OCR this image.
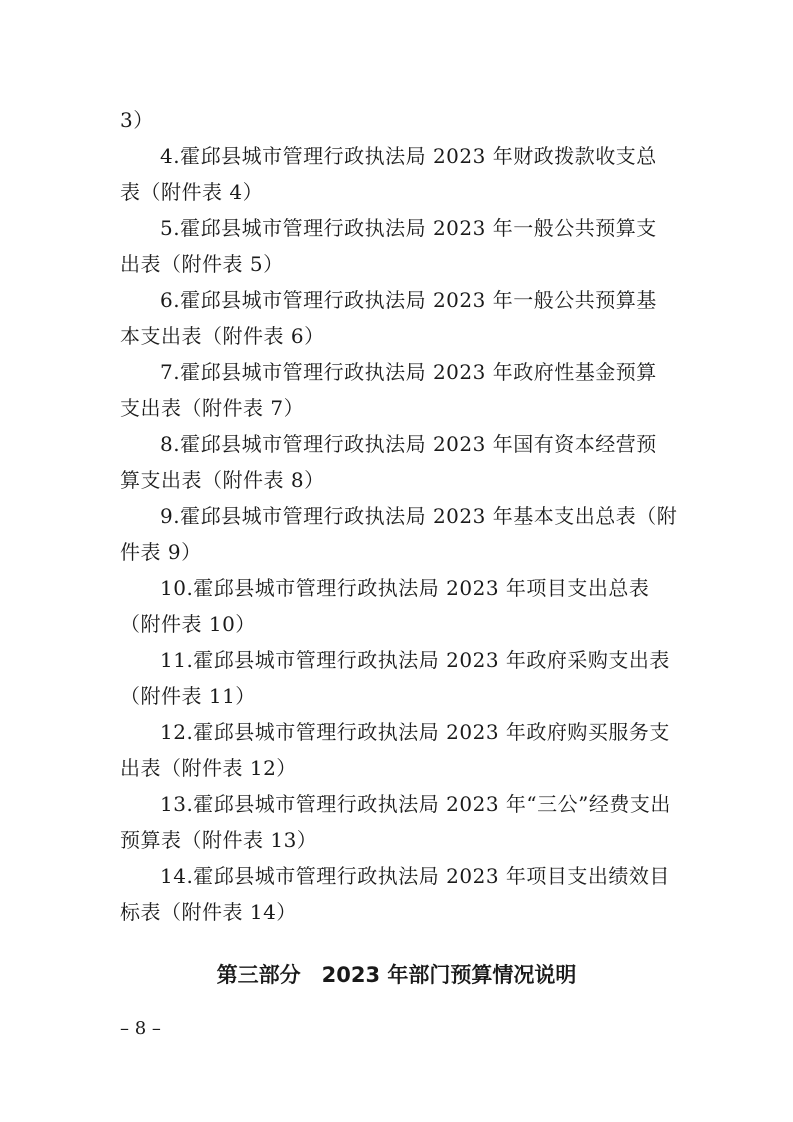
3）
4.霍邱县城市管理行政执法局 2023 年财政拨款收支总
表（附件表 4）
5.霍邱县城市管理行政执法局 2023 年一般公共预算支
出表（附件表 5）
6.霍邱县城市管理行政执法局 2023 年一般公共预算基
本支出表（附件表 6）
7.霍邱县城市管理行政执法局 2023 年政府性基金预算
支出表（附件表 7）
8.霍邱县城市管理行政执法局 2023 年国有资本经营预
算支出表（附件表 8）
9.霍邱县城市管理行政执法局 2023 年基本支出总表（附
件表 9）
10.霍邱县城市管理行政执法局 2023 年项目支出总表
（附件表 10）
11.霍邱县城市管理行政执法局 2023 年政府采购支出表
（附件表 11）
12.霍邱县城市管理行政执法局 2023 年政府购买服务支
出表（附件表 12）
13.霍邱县城市管理行政执法局 2023 年“三公”经费支出
预算表（附件表 13）
14.霍邱县城市管理行政执法局 2023 年项目支出绩效目
标表（附件表 14）
第三部分　2023 年部门预算情况说明
– 8 –
